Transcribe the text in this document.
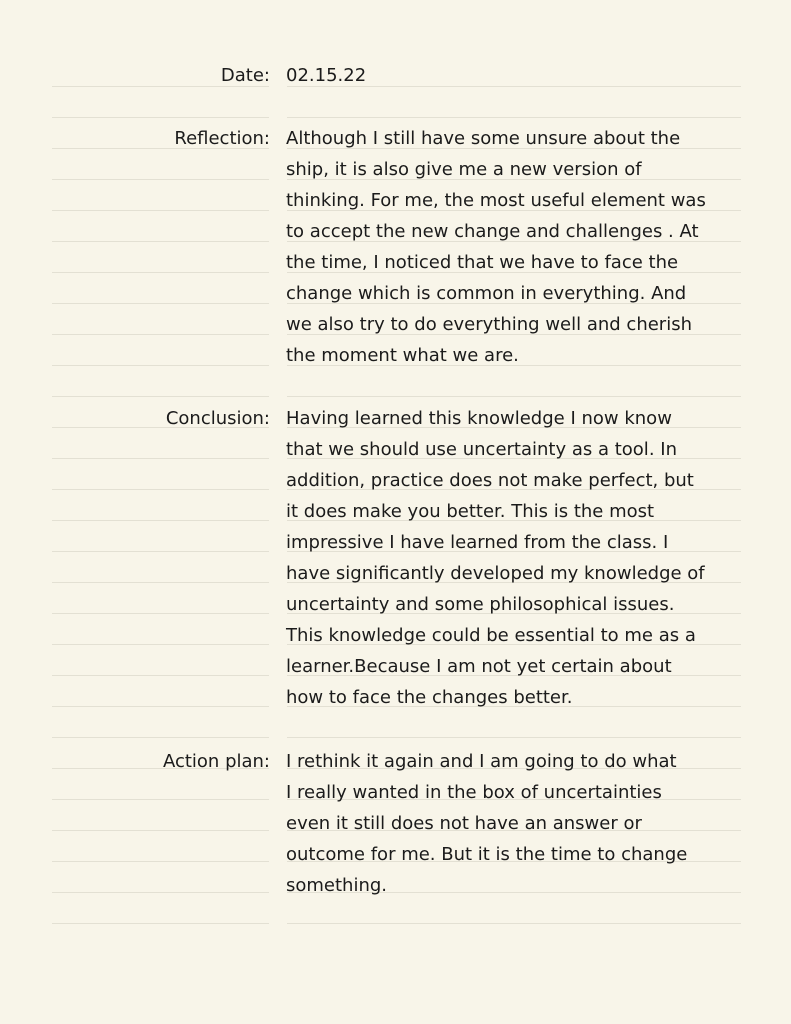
Date: 02.15.22
Reflection: Although I still have some unsure about the
ship, it is also give me a new version of
thinking. For me, the most useful element was
to accept the new change and challenges . At
the time, I noticed that we have to face the
change which is common in everything. And
we also try to do everything well and cherish
the moment what we are.
Conclusion: Having learned this knowledge I now know
that we should use uncertainty as a tool. In
addition, practice does not make perfect, but
it does make you better. This is the most
impressive I have learned from the class. I
have significantly developed my knowledge of
uncertainty and some philosophical issues.
This knowledge could be essential to me as a
learner.Because I am not yet certain about
how to face the changes better.
Action plan: I rethink it again and I am going to do what
I really wanted in the box of uncertainties
even it still does not have an answer or
outcome for me. But it is the time to change
something.
